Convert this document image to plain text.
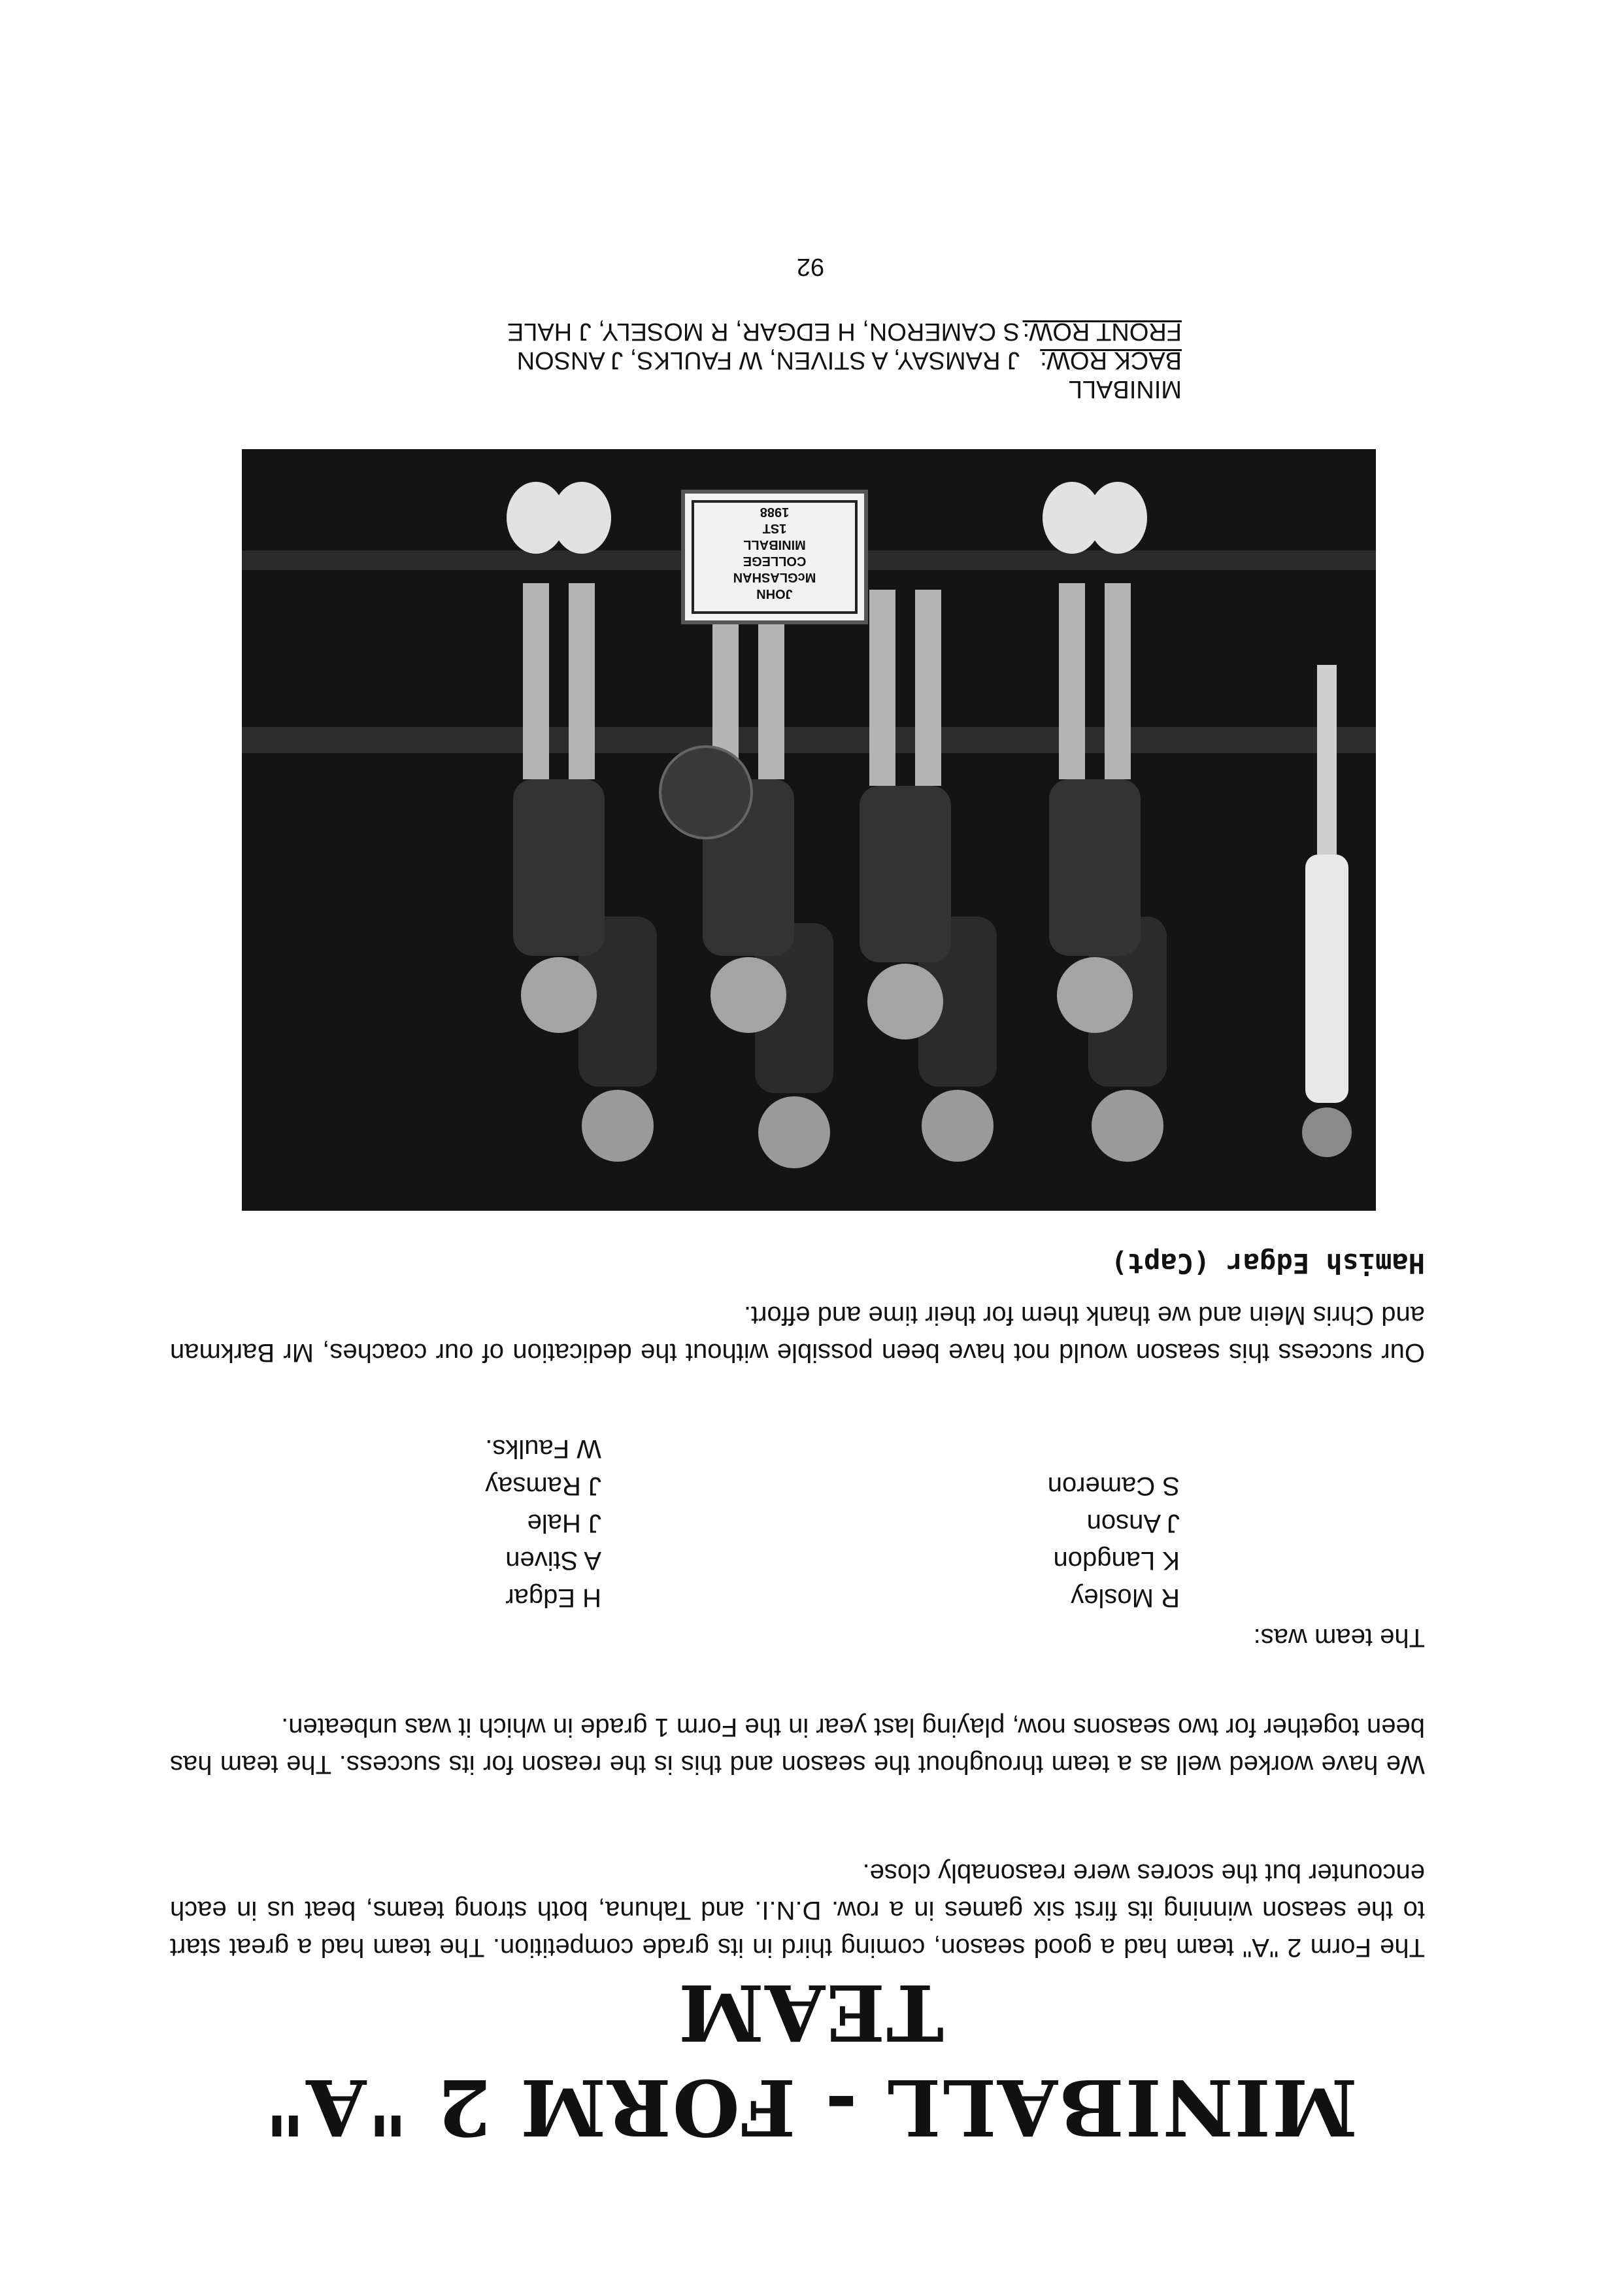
MINIBALL - FORM 2 "A"
TEAM

The Form 2 "A" team had a good season, coming third in its grade competition. The team had a great start to the season winning its first six games in a row. D.N.I. and Tahuna, both strong teams, beat us in each encounter but the scores were reasonably close.

We have worked well as a team throughout the season and this is the reason for its success. The team has been together for two seasons now, playing last year in the Form 1 grade in which it was unbeaten.

The team was:
R Mosley
K Langdon
J Anson
S Cameron
H Edgar
A Stiven
J Hale
J Ramsay
W Faulks.

Our success this season would not have been possible without the dedication of our coaches, Mr Barkman and Chris Mein and we thank them for their time and effort.

Hamish Edgar (Capt)
JOHN
McGLASHAN
COLLEGE
MINIBALL
1ST
1988
MINIBALL
BACK ROW:
J RAMSAY, A STIVEN, W FAULKS, J ANSON
FRONT ROW:
S CAMERON, H EDGAR, R MOSELY, J HALE
92
